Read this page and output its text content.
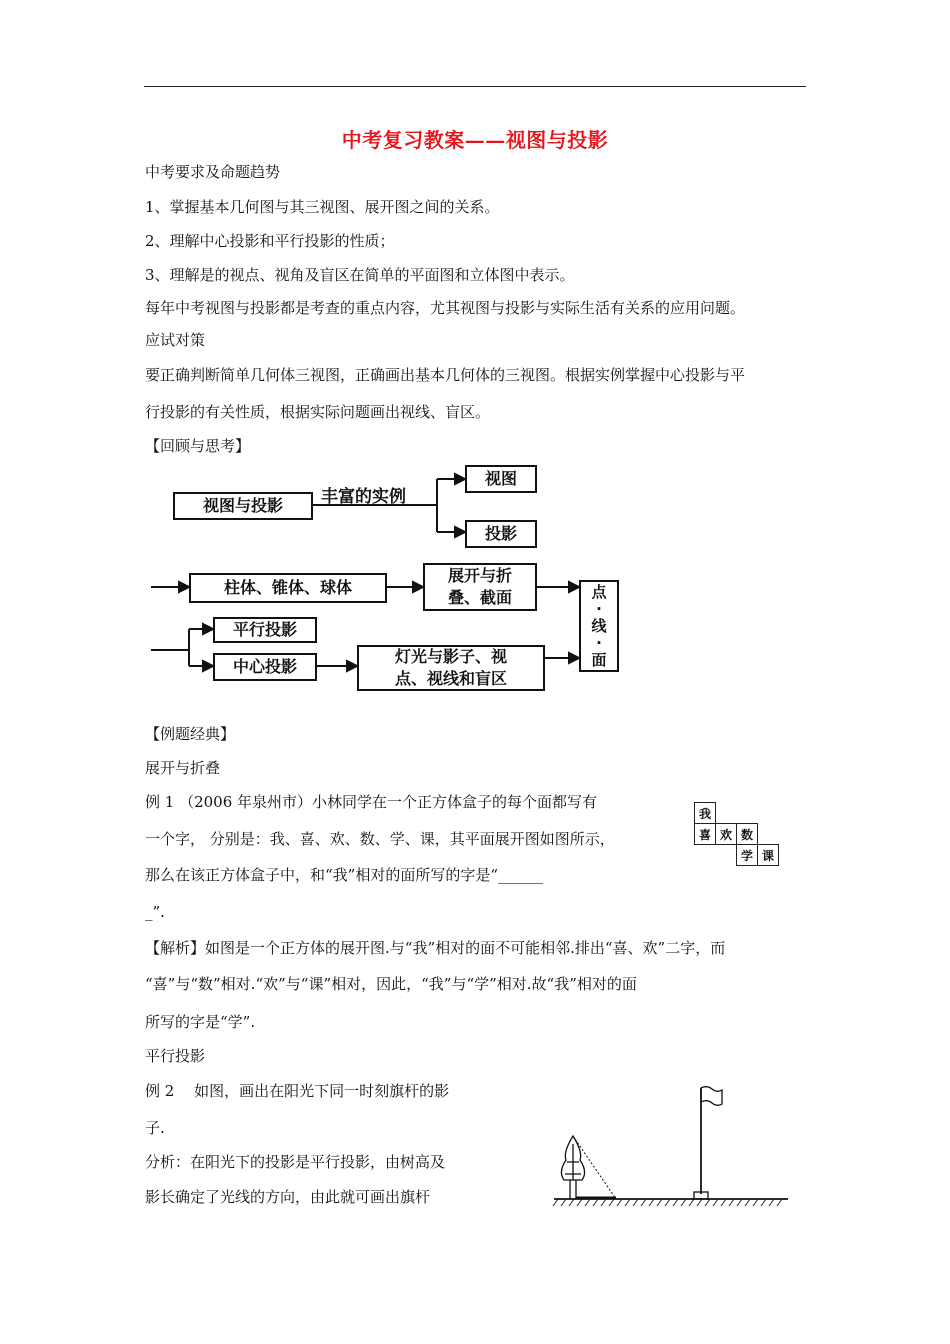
中考复习教案——视图与投影
中考要求及命题趋势
1、掌握基本几何图与其三视图、展开图之间的关系。
2、理解中心投影和平行投影的性质；
3、理解是的视点、视角及盲区在简单的平面图和立体图中表示。
每年中考视图与投影都是考查的重点内容，尤其视图与投影与实际生活有关系的应用问题。
应试对策
要正确判断简单几何体三视图，正确画出基本几何体的三视图。根据实例掌握中心投影与平
行投影的有关性质，根据实际问题画出视线、盲区。
【回顾与思考】
视图与投影	丰富的实例
视图
投影
柱体、锥体、球体
展开与折
叠、截面	点
·
线
·
面
平行投影
中心投影
灯光与影子、视
点、视线和盲区
【例题经典】
展开与折叠
例 1 （2006 年泉州市）小林同学在一个正方体盒子的每个面都写有
一个字， 分别是：我、喜、欢、数、学、课，其平面展开图如图所示，
那么在该正方体盒子中，和“我”相对的面所写的字是“______
_”.
我
喜 欢 数
学 课
【解析】如图是一个正方体的展开图.与“我”相对的面不可能相邻.排出“喜、欢”二字，而
“喜”与“数”相对.“欢”与“课”相对，因此，“我”与“学”相对.故“我”相对的面
所写的字是“学”.
平行投影
例 2　 如图，画出在阳光下同一时刻旗杆的影
子.
分析：在阳光下的投影是平行投影，由树高及
影长确定了光线的方向，由此就可画出旗杆
